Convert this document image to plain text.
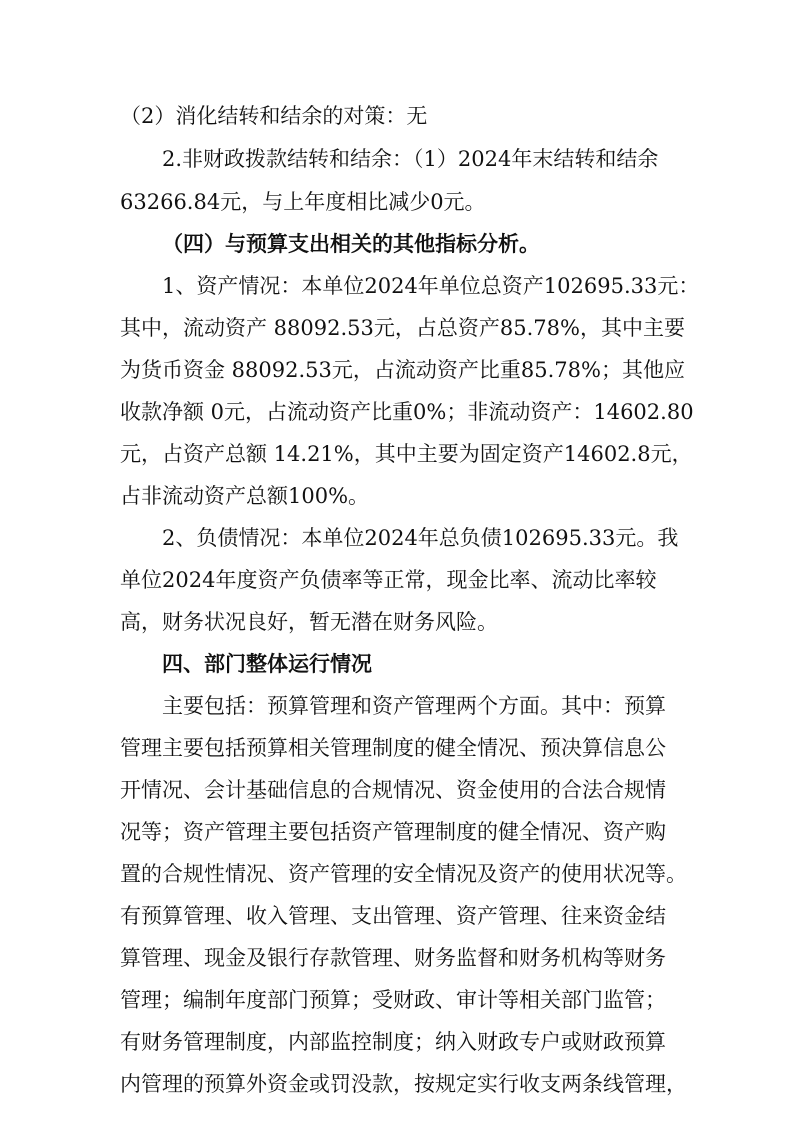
（2）消化结转和结余的对策：无
2.非财政拨款结转和结余：（1）2024年末结转和结余
63266.84元，与上年度相比减少0元。
（四）与预算支出相关的其他指标分析。
1、资产情况：本单位2024年单位总资产102695.33元：
其中，流动资产 88092.53元，占总资产85.78%，其中主要
为货币资金 88092.53元，占流动资产比重85.78%；其他应
收款净额 0元，占流动资产比重0%；非流动资产：14602.80
元，占资产总额 14.21%，其中主要为固定资产14602.8元，
占非流动资产总额100%。
2、负债情况：本单位2024年总负债102695.33元。我
单位2024年度资产负债率等正常，现金比率、流动比率较
高，财务状况良好，暂无潜在财务风险。
四、部门整体运行情况
主要包括：预算管理和资产管理两个方面。其中：预算
管理主要包括预算相关管理制度的健全情况、预决算信息公
开情况、会计基础信息的合规情况、资金使用的合法合规情
况等；资产管理主要包括资产管理制度的健全情况、资产购
置的合规性情况、资产管理的安全情况及资产的使用状况等。
有预算管理、收入管理、支出管理、资产管理、往来资金结
算管理、现金及银行存款管理、财务监督和财务机构等财务
管理；编制年度部门预算；受财政、审计等相关部门监管；
有财务管理制度，内部监控制度；纳入财政专户或财政预算
内管理的预算外资金或罚没款，按规定实行收支两条线管理，
